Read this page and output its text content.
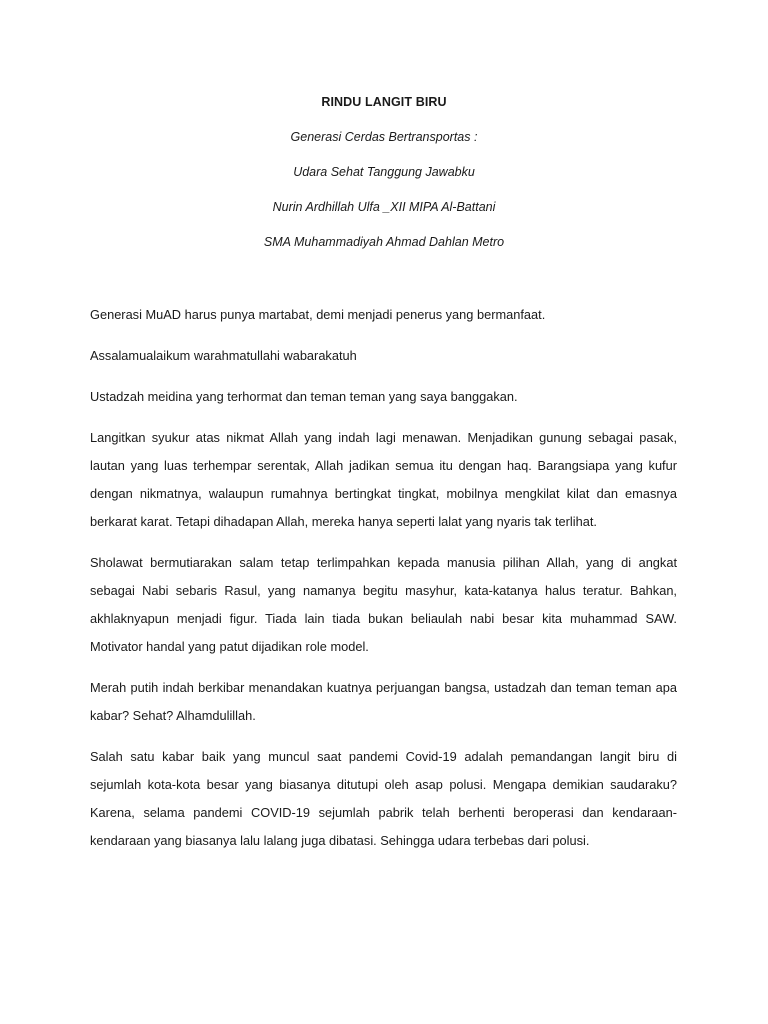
RINDU LANGIT BIRU
Generasi Cerdas Bertransportas :
Udara Sehat Tanggung Jawabku
Nurin Ardhillah Ulfa _XII MIPA Al-Battani
SMA Muhammadiyah Ahmad Dahlan Metro

Generasi MuAD harus punya martabat, demi menjadi penerus yang bermanfaat.

Assalamualaikum warahmatullahi wabarakatuh

Ustadzah meidina yang terhormat dan teman teman yang saya banggakan.

Langitkan syukur atas nikmat Allah yang indah lagi menawan. Menjadikan gunung sebagai pasak, lautan yang luas terhempar serentak, Allah jadikan semua itu dengan haq. Barangsiapa yang kufur dengan nikmatnya, walaupun rumahnya bertingkat tingkat, mobilnya mengkilat kilat dan emasnya berkarat karat. Tetapi dihadapan Allah, mereka hanya seperti lalat yang nyaris tak terlihat.

Sholawat bermutiarakan salam tetap terlimpahkan kepada manusia pilihan Allah, yang di angkat sebagai Nabi sebaris Rasul, yang namanya begitu masyhur, kata-katanya halus teratur. Bahkan, akhlaknyapun menjadi figur. Tiada lain tiada bukan beliaulah nabi besar kita muhammad SAW. Motivator handal yang patut dijadikan role model.

Merah putih indah berkibar menandakan kuatnya perjuangan bangsa, ustadzah dan teman teman apa kabar? Sehat? Alhamdulillah.

Salah satu kabar baik yang muncul saat pandemi Covid-19 adalah pemandangan langit biru di sejumlah kota-kota besar yang biasanya ditutupi oleh asap polusi. Mengapa demikian saudaraku? Karena, selama pandemi COVID-19 sejumlah pabrik telah berhenti beroperasi dan kendaraan-kendaraan yang biasanya lalu lalang juga dibatasi. Sehingga udara terbebas dari polusi.
